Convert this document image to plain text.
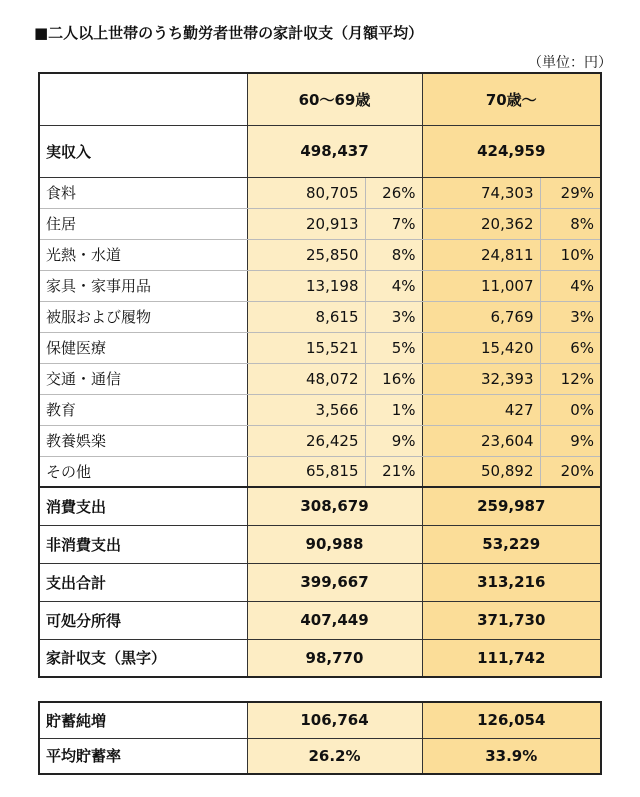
■二人以上世帯のうち勤労者世帯の家計収支（月額平均）
（単位：円）
	60～69歳		70歳～	
実収入	498,437		424,959	
食料	80,705	26%	74,303	29%
住居	20,913	7%	20,362	8%
光熱・水道	25,850	8%	24,811	10%
家具・家事用品	13,198	4%	11,007	4%
被服および履物	8,615	3%	6,769	3%
保健医療	15,521	5%	15,420	6%
交通・通信	48,072	16%	32,393	12%
教育	3,566	1%	427	0%
教養娯楽	26,425	9%	23,604	9%
その他	65,815	21%	50,892	20%
消費支出	308,679		259,987	
非消費支出	90,988		53,229	
支出合計	399,667		313,216	
可処分所得	407,449		371,730	
家計収支（黒字）	98,770		111,742	
貯蓄純増	106,764	126,054
平均貯蓄率	26.2%	33.9%
